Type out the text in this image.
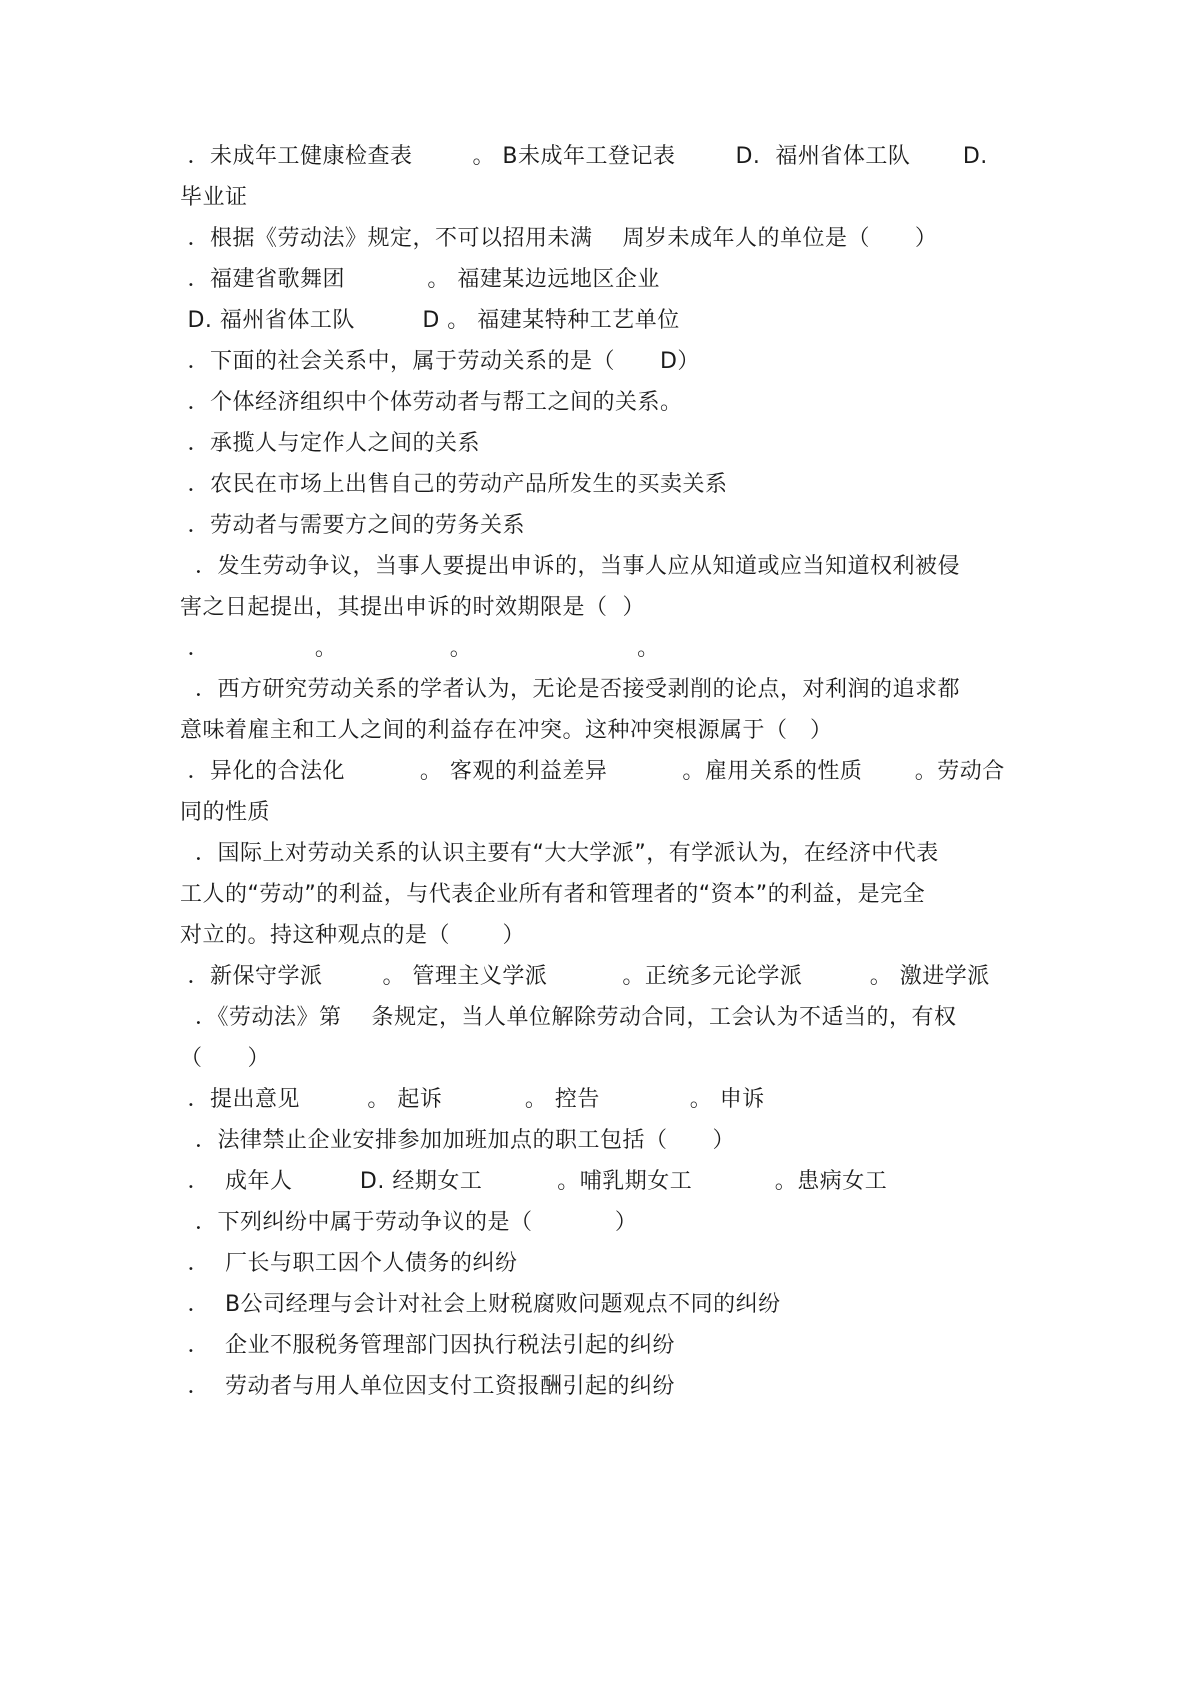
．未成年工健康检查表        。 B未成年工登记表        D.  福州省体工队       D.
毕业证
．根据《劳动法》规定，不可以招用未满    周岁未成年人的单位是（      ）
．福建省歌舞团           。 福建某边远地区企业
D. 福州省体工队         D 。 福建某特种工艺单位
．下面的社会关系中，属于劳动关系的是（      D）
．个体经济组织中个体劳动者与帮工之间的关系。
．承揽人与定作人之间的关系
．农民在市场上出售自己的劳动产品所发生的买卖关系
．劳动者与需要方之间的劳务关系
．发生劳动争议，当事人要提出申诉的，当事人应从知道或应当知道权利被侵
害之日起提出，其提出申诉的时效期限是（  ）
．              。               。                      。
．西方研究劳动关系的学者认为，无论是否接受剥削的论点，对利润的追求都
意味着雇主和工人之间的利益存在冲突。这种冲突根源属于（   ）
．异化的合法化          。 客观的利益差异          。雇用关系的性质       。劳动合
同的性质
．国际上对劳动关系的认识主要有“大大学派”，有学派认为，在经济中代表
工人的“劳动”的利益，与代表企业所有者和管理者的“资本”的利益，是完全
对立的。持这种观点的是（       ）
．新保守学派        。 管理主义学派          。正统多元论学派         。 激进学派
．《劳动法》第    条规定，当人单位解除劳动合同，工会认为不适当的，有权
（      ）
．提出意见         。 起诉           。 控告            。 申诉
．法律禁止企业安排参加加班加点的职工包括（      ）
．  成年人         D. 经期女工          。哺乳期女工           。患病女工
．下列纠纷中属于劳动争议的是（           ）
．  厂长与职工因个人债务的纠纷
．  B公司经理与会计对社会上财税腐败问题观点不同的纠纷
．  企业不服税务管理部门因执行税法引起的纠纷
．  劳动者与用人单位因支付工资报酬引起的纠纷
